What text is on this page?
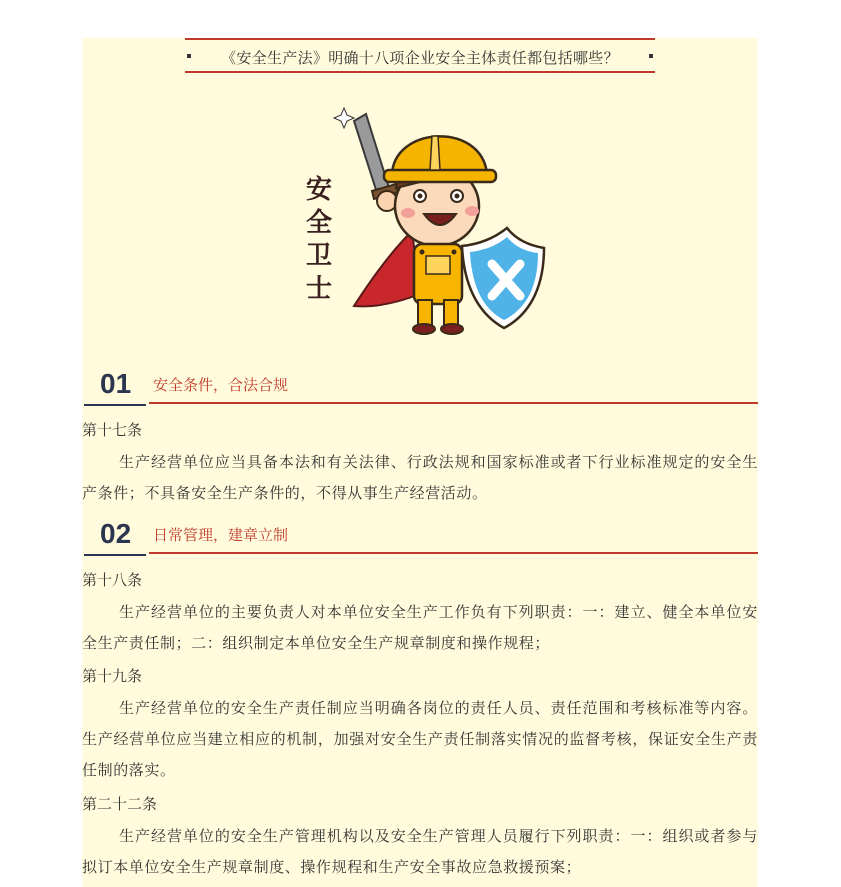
《安全生产法》明确十八项企业安全主体责任都包括哪些？
安
全
卫
士
01 安全条件，合法合规
第十七条
生产经营单位应当具备本法和有关法律、行政法规和国家标准或者下行业标准规定的安全生产条件；不具备安全生产条件的，不得从事生产经营活动。
02 日常管理，建章立制
第十八条
生产经营单位的主要负责人对本单位安全生产工作负有下列职责：一：建立、健全本单位安全生产责任制；二：组织制定本单位安全生产规章制度和操作规程；
第十九条
生产经营单位的安全生产责任制应当明确各岗位的责任人员、责任范围和考核标准等内容。生产经营单位应当建立相应的机制，加强对安全生产责任制落实情况的监督考核，保证安全生产责任制的落实。
第二十二条
生产经营单位的安全生产管理机构以及安全生产管理人员履行下列职责：一：组织或者参与拟订本单位安全生产规章制度、操作规程和生产安全事故应急救援预案；
